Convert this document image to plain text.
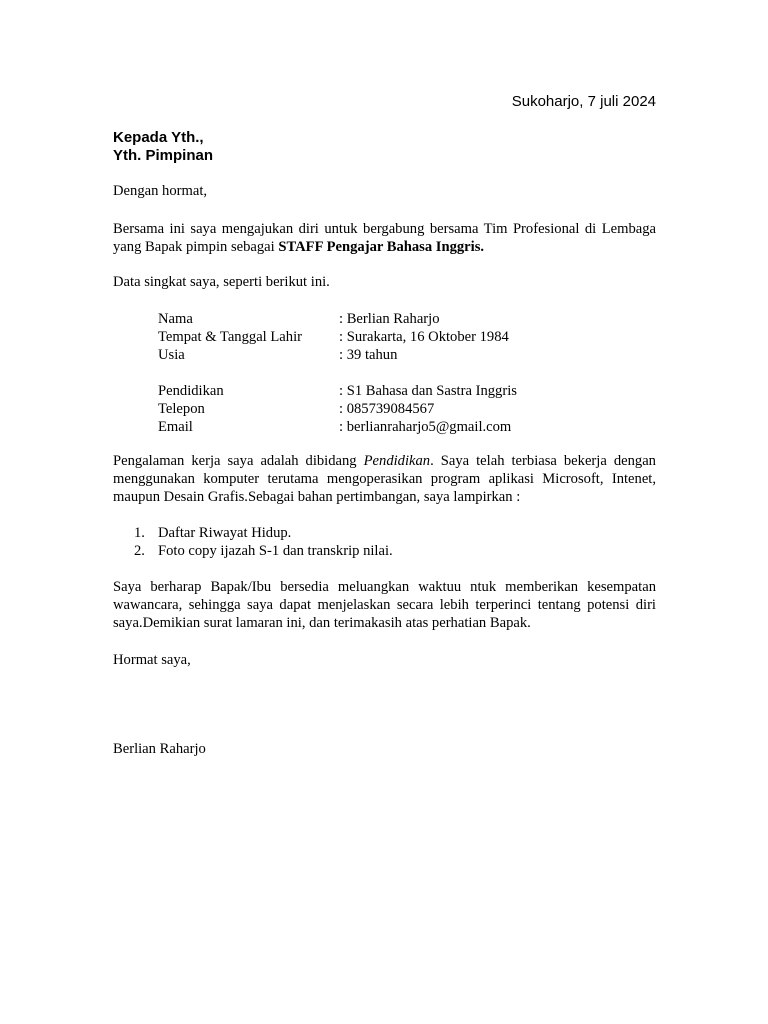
Sukoharjo, 7 juli 2024
Kepada Yth.,
Yth. Pimpinan
Dengan hormat,
Bersama ini saya mengajukan diri untuk bergabung bersama Tim Profesional di Lembaga yang Bapak pimpin sebagai STAFF Pengajar Bahasa Inggris.
Data singkat saya, seperti berikut ini.
Nama	: Berlian Raharjo
Tempat & Tanggal Lahir	: Surakarta, 16 Oktober 1984
Usia	: 39 tahun

Pendidikan	: S1 Bahasa dan Sastra Inggris
Telepon	: 085739084567
Email	: berlianraharjo5@gmail.com
Pengalaman kerja saya adalah dibidang Pendidikan. Saya telah terbiasa bekerja dengan menggunakan komputer terutama mengoperasikan program aplikasi Microsoft, Intenet, maupun Desain Grafis.Sebagai bahan pertimbangan, saya lampirkan :
1. Daftar Riwayat Hidup.
2. Foto copy ijazah S-1 dan transkrip nilai.
Saya berharap Bapak/Ibu bersedia meluangkan waktuu ntuk memberikan kesempatan wawancara, sehingga saya dapat menjelaskan secara lebih terperinci tentang potensi diri saya.Demikian surat lamaran ini, dan terimakasih atas perhatian Bapak.
Hormat saya,
Berlian Raharjo
